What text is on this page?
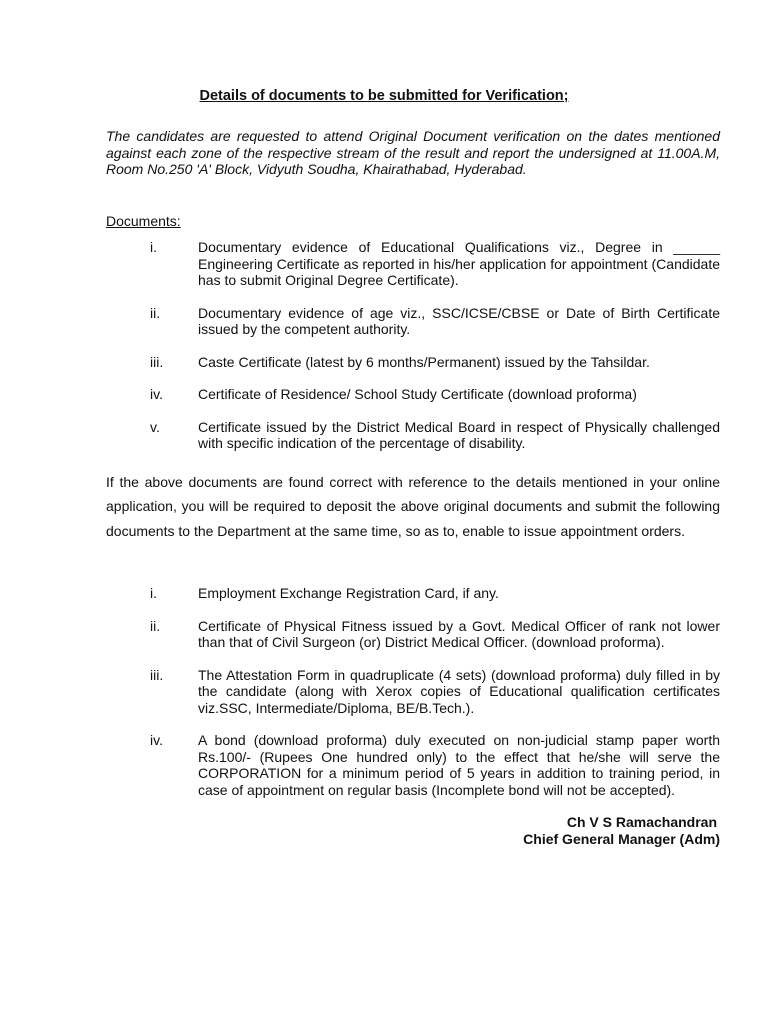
Details of documents to be submitted for Verification;
The candidates are requested to attend Original Document verification on the dates mentioned against each zone of the respective stream of the result and report the undersigned at 11.00A.M, Room No.250 'A' Block, Vidyuth Soudha, Khairathabad, Hyderabad.
Documents:
i.	Documentary evidence of Educational Qualifications viz., Degree in ______ Engineering Certificate as reported in his/her application for appointment (Candidate has to submit Original Degree Certificate).
ii.	Documentary evidence of age viz., SSC/ICSE/CBSE or Date of Birth Certificate issued by the competent authority.
iii. Caste Certificate (latest by 6 months/Permanent) issued by the Tahsildar.
iv.	Certificate of Residence/ School Study Certificate (download proforma)
v.	Certificate issued by the District Medical Board in respect of Physically challenged with specific indication of the percentage of disability.
If the above documents are found correct with reference to the details mentioned in your online application, you will be required to deposit the above original documents and submit the following documents to the Department at the same time, so as to, enable to issue appointment orders.
i.	Employment Exchange Registration Card, if any.
ii.	Certificate of Physical Fitness issued by a Govt. Medical Officer of rank not lower than that of Civil Surgeon (or) District Medical Officer. (download proforma).
iii. The Attestation Form in quadruplicate (4 sets) (download proforma) duly filled in by the candidate (along with Xerox copies of Educational qualification certificates viz.SSC, Intermediate/Diploma, BE/B.Tech.).
iv.	A bond (download proforma) duly executed on non-judicial stamp paper worth Rs.100/- (Rupees One hundred only) to the effect that he/she will serve the CORPORATION for a minimum period of 5 years in addition to training period, in case of appointment on regular basis (Incomplete bond will not be accepted).
Ch V S Ramachandran
Chief General Manager (Adm)
